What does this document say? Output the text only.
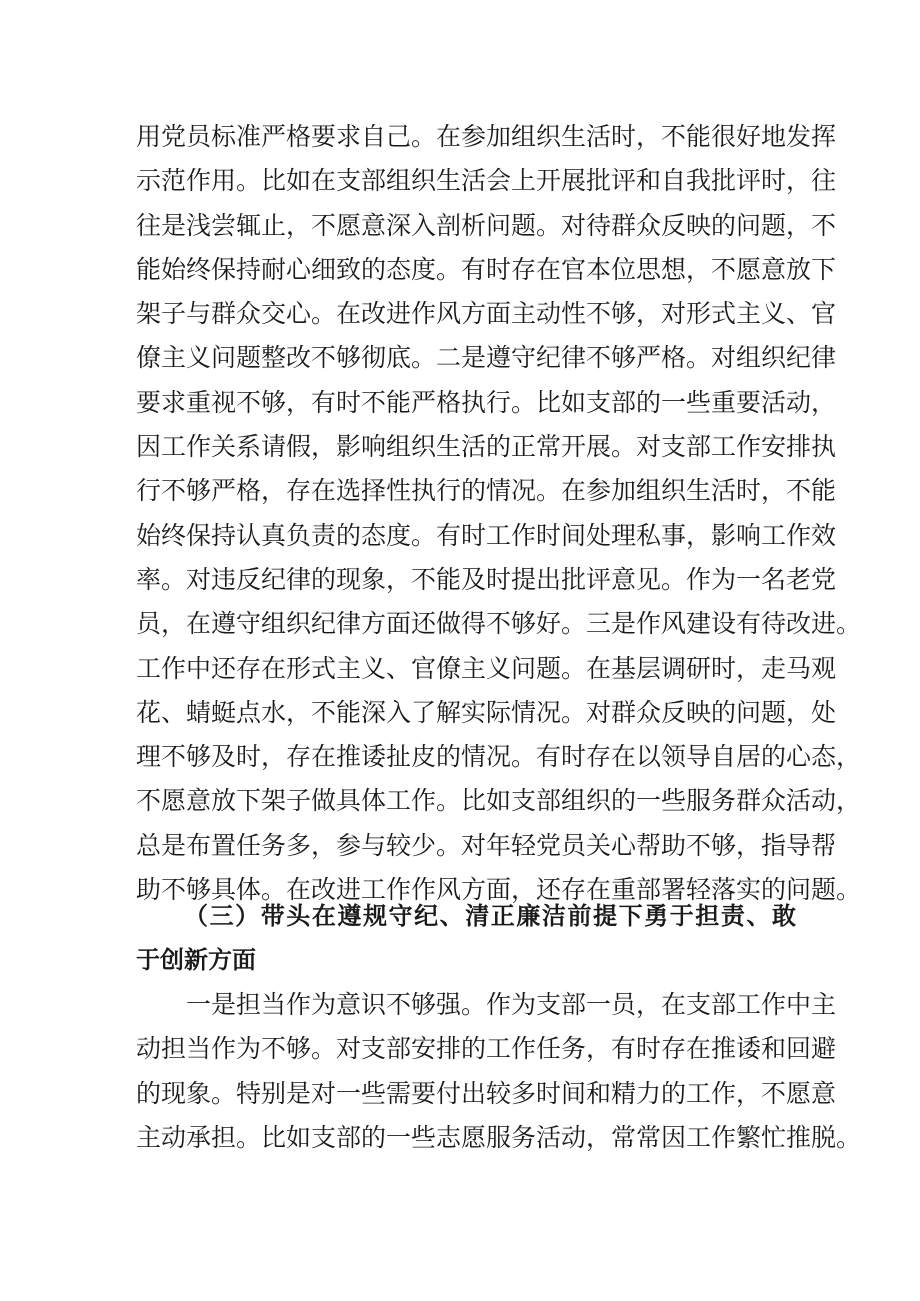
用党员标准严格要求自己。在参加组织生活时，不能很好地发挥
示范作用。比如在支部组织生活会上开展批评和自我批评时，往
往是浅尝辄止，不愿意深入剖析问题。对待群众反映的问题，不
能始终保持耐心细致的态度。有时存在官本位思想，不愿意放下
架子与群众交心。在改进作风方面主动性不够，对形式主义、官
僚主义问题整改不够彻底。二是遵守纪律不够严格。对组织纪律
要求重视不够，有时不能严格执行。比如支部的一些重要活动，
因工作关系请假，影响组织生活的正常开展。对支部工作安排执
行不够严格，存在选择性执行的情况。在参加组织生活时，不能
始终保持认真负责的态度。有时工作时间处理私事，影响工作效
率。对违反纪律的现象，不能及时提出批评意见。作为一名老党
员，在遵守组织纪律方面还做得不够好。三是作风建设有待改进。
工作中还存在形式主义、官僚主义问题。在基层调研时，走马观
花、蜻蜓点水，不能深入了解实际情况。对群众反映的问题，处
理不够及时，存在推诿扯皮的情况。有时存在以领导自居的心态，
不愿意放下架子做具体工作。比如支部组织的一些服务群众活动，
总是布置任务多，参与较少。对年轻党员关心帮助不够，指导帮
助不够具体。在改进工作作风方面，还存在重部署轻落实的问题。
（三）带头在遵规守纪、清正廉洁前提下勇于担责、敢
于创新方面
一是担当作为意识不够强。作为支部一员，在支部工作中主
动担当作为不够。对支部安排的工作任务，有时存在推诿和回避
的现象。特别是对一些需要付出较多时间和精力的工作，不愿意
主动承担。比如支部的一些志愿服务活动，常常因工作繁忙推脱。
